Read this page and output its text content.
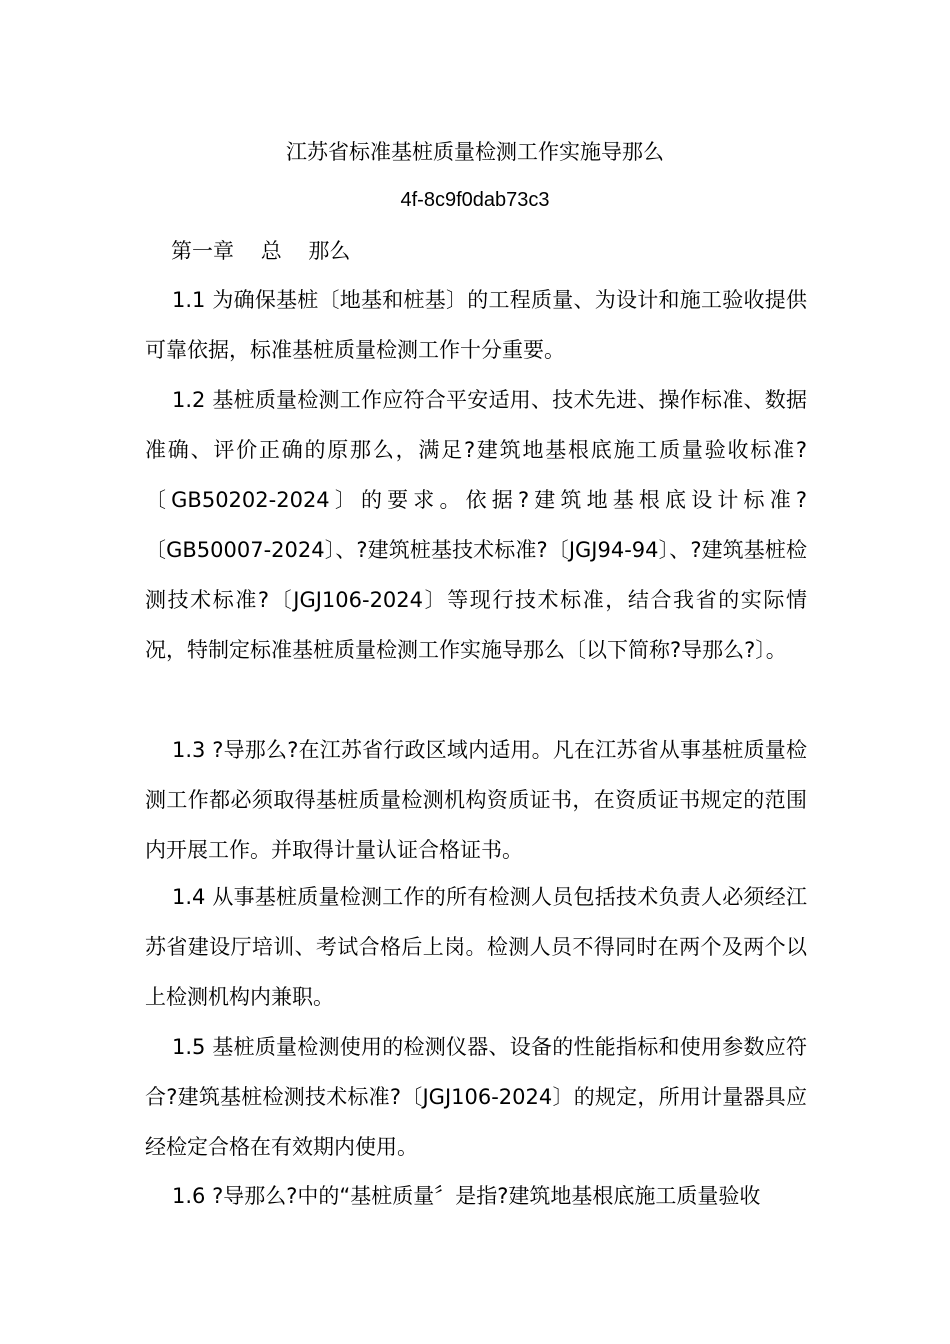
江苏省标准基桩质量检测工作实施导那么
4f-8c9f0dab73c3
第一章    总    那么

1.1 为确保基桩〔地基和桩基〕的工程质量、为设计和施工验收提供可靠依据，标准基桩质量检测工作十分重要。

1.2 基桩质量检测工作应符合平安适用、技术先进、操作标准、数据准确、评价正确的原那么，满足?建筑地基根底施工质量验收标准?〔GB50202-2024〕的要求。依据?建筑地基根底设计标准?〔GB50007-2024〕、?建筑桩基技术标准?〔JGJ94-94〕、?建筑基桩检测技术标准?〔JGJ106-2024〕等现行技术标准，结合我省的实际情况，特制定标准基桩质量检测工作实施导那么〔以下简称?导那么?〕。

1.3 ?导那么?在江苏省行政区域内适用。凡在江苏省从事基桩质量检测工作都必须取得基桩质量检测机构资质证书，在资质证书规定的范围内开展工作。并取得计量认证合格证书。

1.4 从事基桩质量检测工作的所有检测人员包括技术负责人必须经江苏省建设厅培训、考试合格后上岗。检测人员不得同时在两个及两个以上检测机构内兼职。

1.5 基桩质量检测使用的检测仪器、设备的性能指标和使用参数应符合?建筑基桩检测技术标准?〔JGJ106-2024〕的规定，所用计量器具应经检定合格在有效期内使用。

1.6 ?导那么?中的“基桩质量〞是指?建筑地基根底施工质量验收
